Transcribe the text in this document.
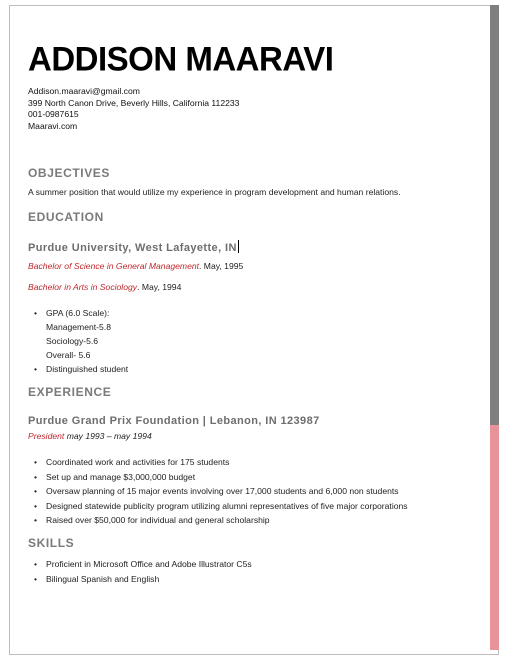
ADDISON MAARAVI
Addison.maaravi@gmail.com
399 North Canon Drive, Beverly Hills, California 112233
001-0987615
Maaravi.com
OBJECTIVES
A summer position that would utilize my experience in program development and human relations.
EDUCATION
Purdue University, West Lafayette, IN
Bachelor of Science in General Management. May, 1995
Bachelor in Arts in Sociology. May, 1994
• GPA (6.0 Scale):
Management-5.8
Sociology-5.6
Overall- 5.6
• Distinguished student
EXPERIENCE
Purdue Grand Prix Foundation | Lebanon, IN 123987
President may 1993 – may 1994
• Coordinated work and activities for 175 students
• Set up and manage $3,000,000 budget
• Oversaw planning of 15 major events involving over 17,000 students and 6,000 non students
• Designed statewide publicity program utilizing alumni representatives of five major corporations
• Raised over $50,000 for individual and general scholarship
SKILLS
• Proficient in Microsoft Office and Adobe Illustrator C5s
• Bilingual Spanish and English
